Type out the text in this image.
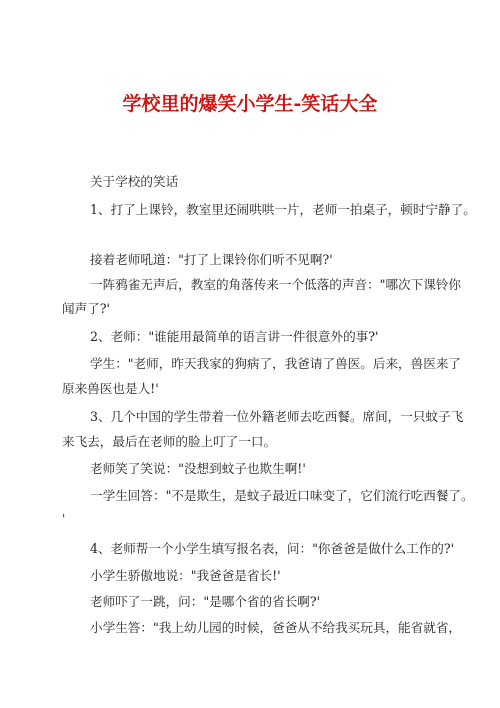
学校里的爆笑小学生-笑话大全
关于学校的笑话
1、打了上课铃，教室里还闹哄哄一片，老师一拍桌子，顿时宁静了。
接着老师吼道："打了上课铃你们听不见啊?'
一阵鸦雀无声后，教室的角落传来一个低落的声音："哪次下课铃你
闻声了?'
2、老师："谁能用最简单的语言讲一件很意外的事?'
学生："老师，昨天我家的狗病了，我爸请了兽医。后来，兽医来了
原来兽医也是人!'
3、几个中国的学生带着一位外籍老师去吃西餐。席间，一只蚊子飞
来飞去，最后在老师的脸上叮了一口。
老师笑了笑说："没想到蚊子也欺生啊!'
一学生回答："不是欺生，是蚊子最近口味变了，它们流行吃西餐了。
'
4、老师帮一个小学生填写报名表，问："你爸爸是做什么工作的?'
小学生骄傲地说："我爸爸是省长!'
老师吓了一跳，问："是哪个省的省长啊?'
小学生答："我上幼儿园的时候，爸爸从不给我买玩具，能省就省，
